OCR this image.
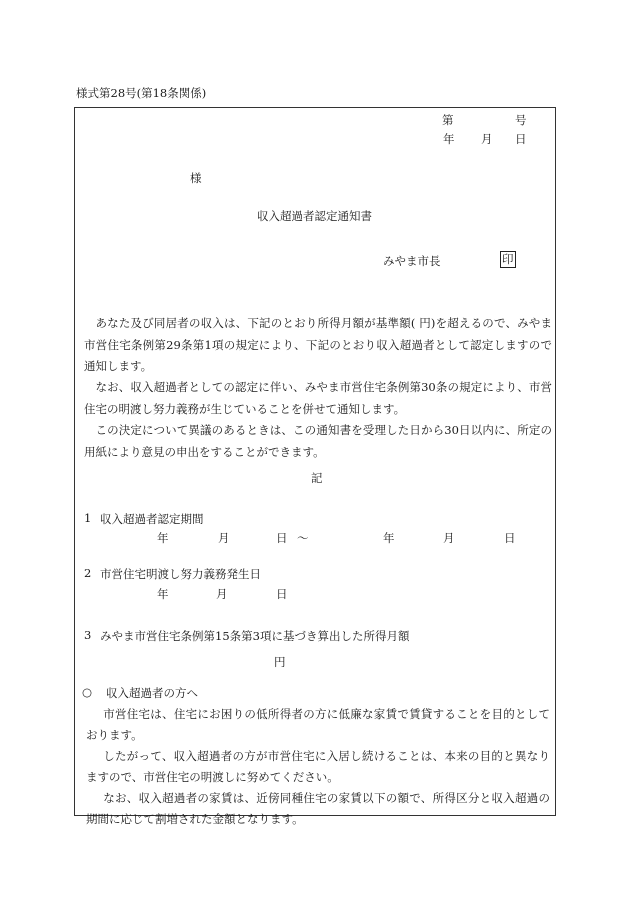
様式第28号(第18条関係)
第	号
年 月 日
様
収入超過者認定通知書
みやま市長	印
あなた及び同居者の収入は、下記のとおり所得月額が基準額( 円)を超えるので、みやま市営住宅条例第29条第1項の規定により、下記のとおり収入超過者として認定しますので通知します。
なお、収入超過者としての認定に伴い、みやま市営住宅条例第30条の規定により、市営住宅の明渡し努力義務が生じていることを併せて通知します。
この決定について異議のあるときは、この通知書を受理した日から30日以内に、所定の用紙により意見の申出をすることができます。
記
1 収入超過者認定期間
年	月	日 ～	年	月	日
2 市営住宅明渡し努力義務発生日
年	月	日
3 みやま市営住宅条例第15条第3項に基づき算出した所得月額
円
○ 収入超過者の方へ
市営住宅は、住宅にお困りの低所得者の方に低廉な家賃で賃貸することを目的としております。
したがって、収入超過者の方が市営住宅に入居し続けることは、本来の目的と異なりますので、市営住宅の明渡しに努めてください。
なお、収入超過者の家賃は、近傍同種住宅の家賃以下の額で、所得区分と収入超過の期間に応じて割増された金額となります。
